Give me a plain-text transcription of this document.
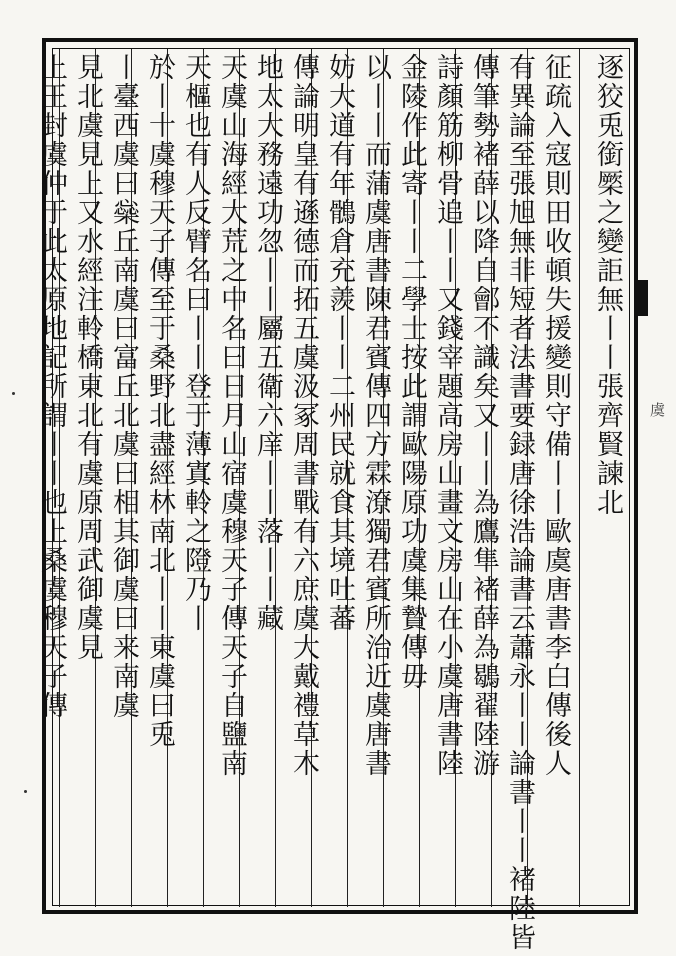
逐狡兎銜橜之變詎無丨丨張齊賢諫北
征疏入寇則田收頓失援變則守備丨丨歐虞唐書李白傳後人
有異論至張旭無非短者法書要録唐徐浩論書云蕭永丨丨論書丨丨褚陸皆
傳筆勢褚薛以降自鄶不識矣又丨丨為鷹隼褚薛為鶡翟陸游
詩顏筋柳骨追丨丨又錢宰題高房山畫文房山在小虞唐書陸
金陵作此寄丨丨二學士按此謂歐陽原功虞集贄傳毋
以丨丨而蒲虞唐書陳君賓傳四方霖潦獨君賓所治近虞唐書
妨大道有年鶻倉充羨丨丨二州民就食其境吐蕃
傳論明皇有遜德而拓五虞汲冢周書戰有六庶虞大戴禮草木
地太大務遠功忽丨丨屬五衛六庠丨丨落丨丨藏
天虞山海經大荒之中名曰日月山宿虞穆天子傳天子自鹽南
天樞也有人反臂名曰丨丨登于薄寘軨之隥乃丨
於丨十虞穆天子傳至于桑野北盡經林南北丨丨東虞曰兎
丨臺西虞曰橤丘南虞曰富丘北虞曰相其御虞曰来南虞
見北虞見上又水經注軨橋東北有虞原周武御虞見
上王封虞仲于此太原地記所謂丨丨也上桑虞穆天子傳	虞
